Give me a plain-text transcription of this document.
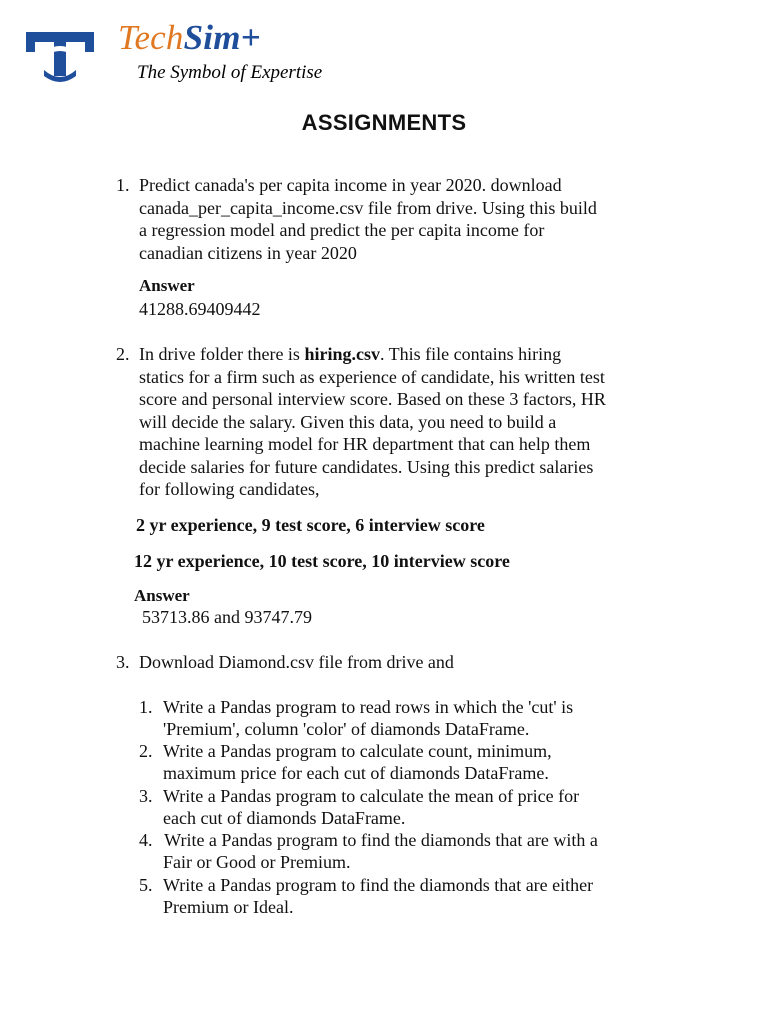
TechSim+
The Symbol of Expertise
ASSIGNMENTS
1. Predict canada's per capita income in year 2020. download
canada_per_capita_income.csv file from drive. Using this build
a regression model and predict the per capita income for
canadian citizens in year 2020
Answer
41288.69409442
2. In drive folder there is hiring.csv. This file contains hiring
statics for a firm such as experience of candidate, his written test
score and personal interview score. Based on these 3 factors, HR
will decide the salary. Given this data, you need to build a
machine learning model for HR department that can help them
decide salaries for future candidates. Using this predict salaries
for following candidates,
2 yr experience, 9 test score, 6 interview score
12 yr experience, 10 test score, 10 interview score
Answer
53713.86 and 93747.79
3. Download Diamond.csv file from drive and
1. Write a Pandas program to read rows in which the 'cut' is
'Premium', column 'color' of diamonds DataFrame.
2. Write a Pandas program to calculate count, minimum,
maximum price for each cut of diamonds DataFrame.
3. Write a Pandas program to calculate the mean of price for
each cut of diamonds DataFrame.
4. Write a Pandas program to find the diamonds that are with a
Fair or Good or Premium.
5. Write a Pandas program to find the diamonds that are either
Premium or Ideal.
